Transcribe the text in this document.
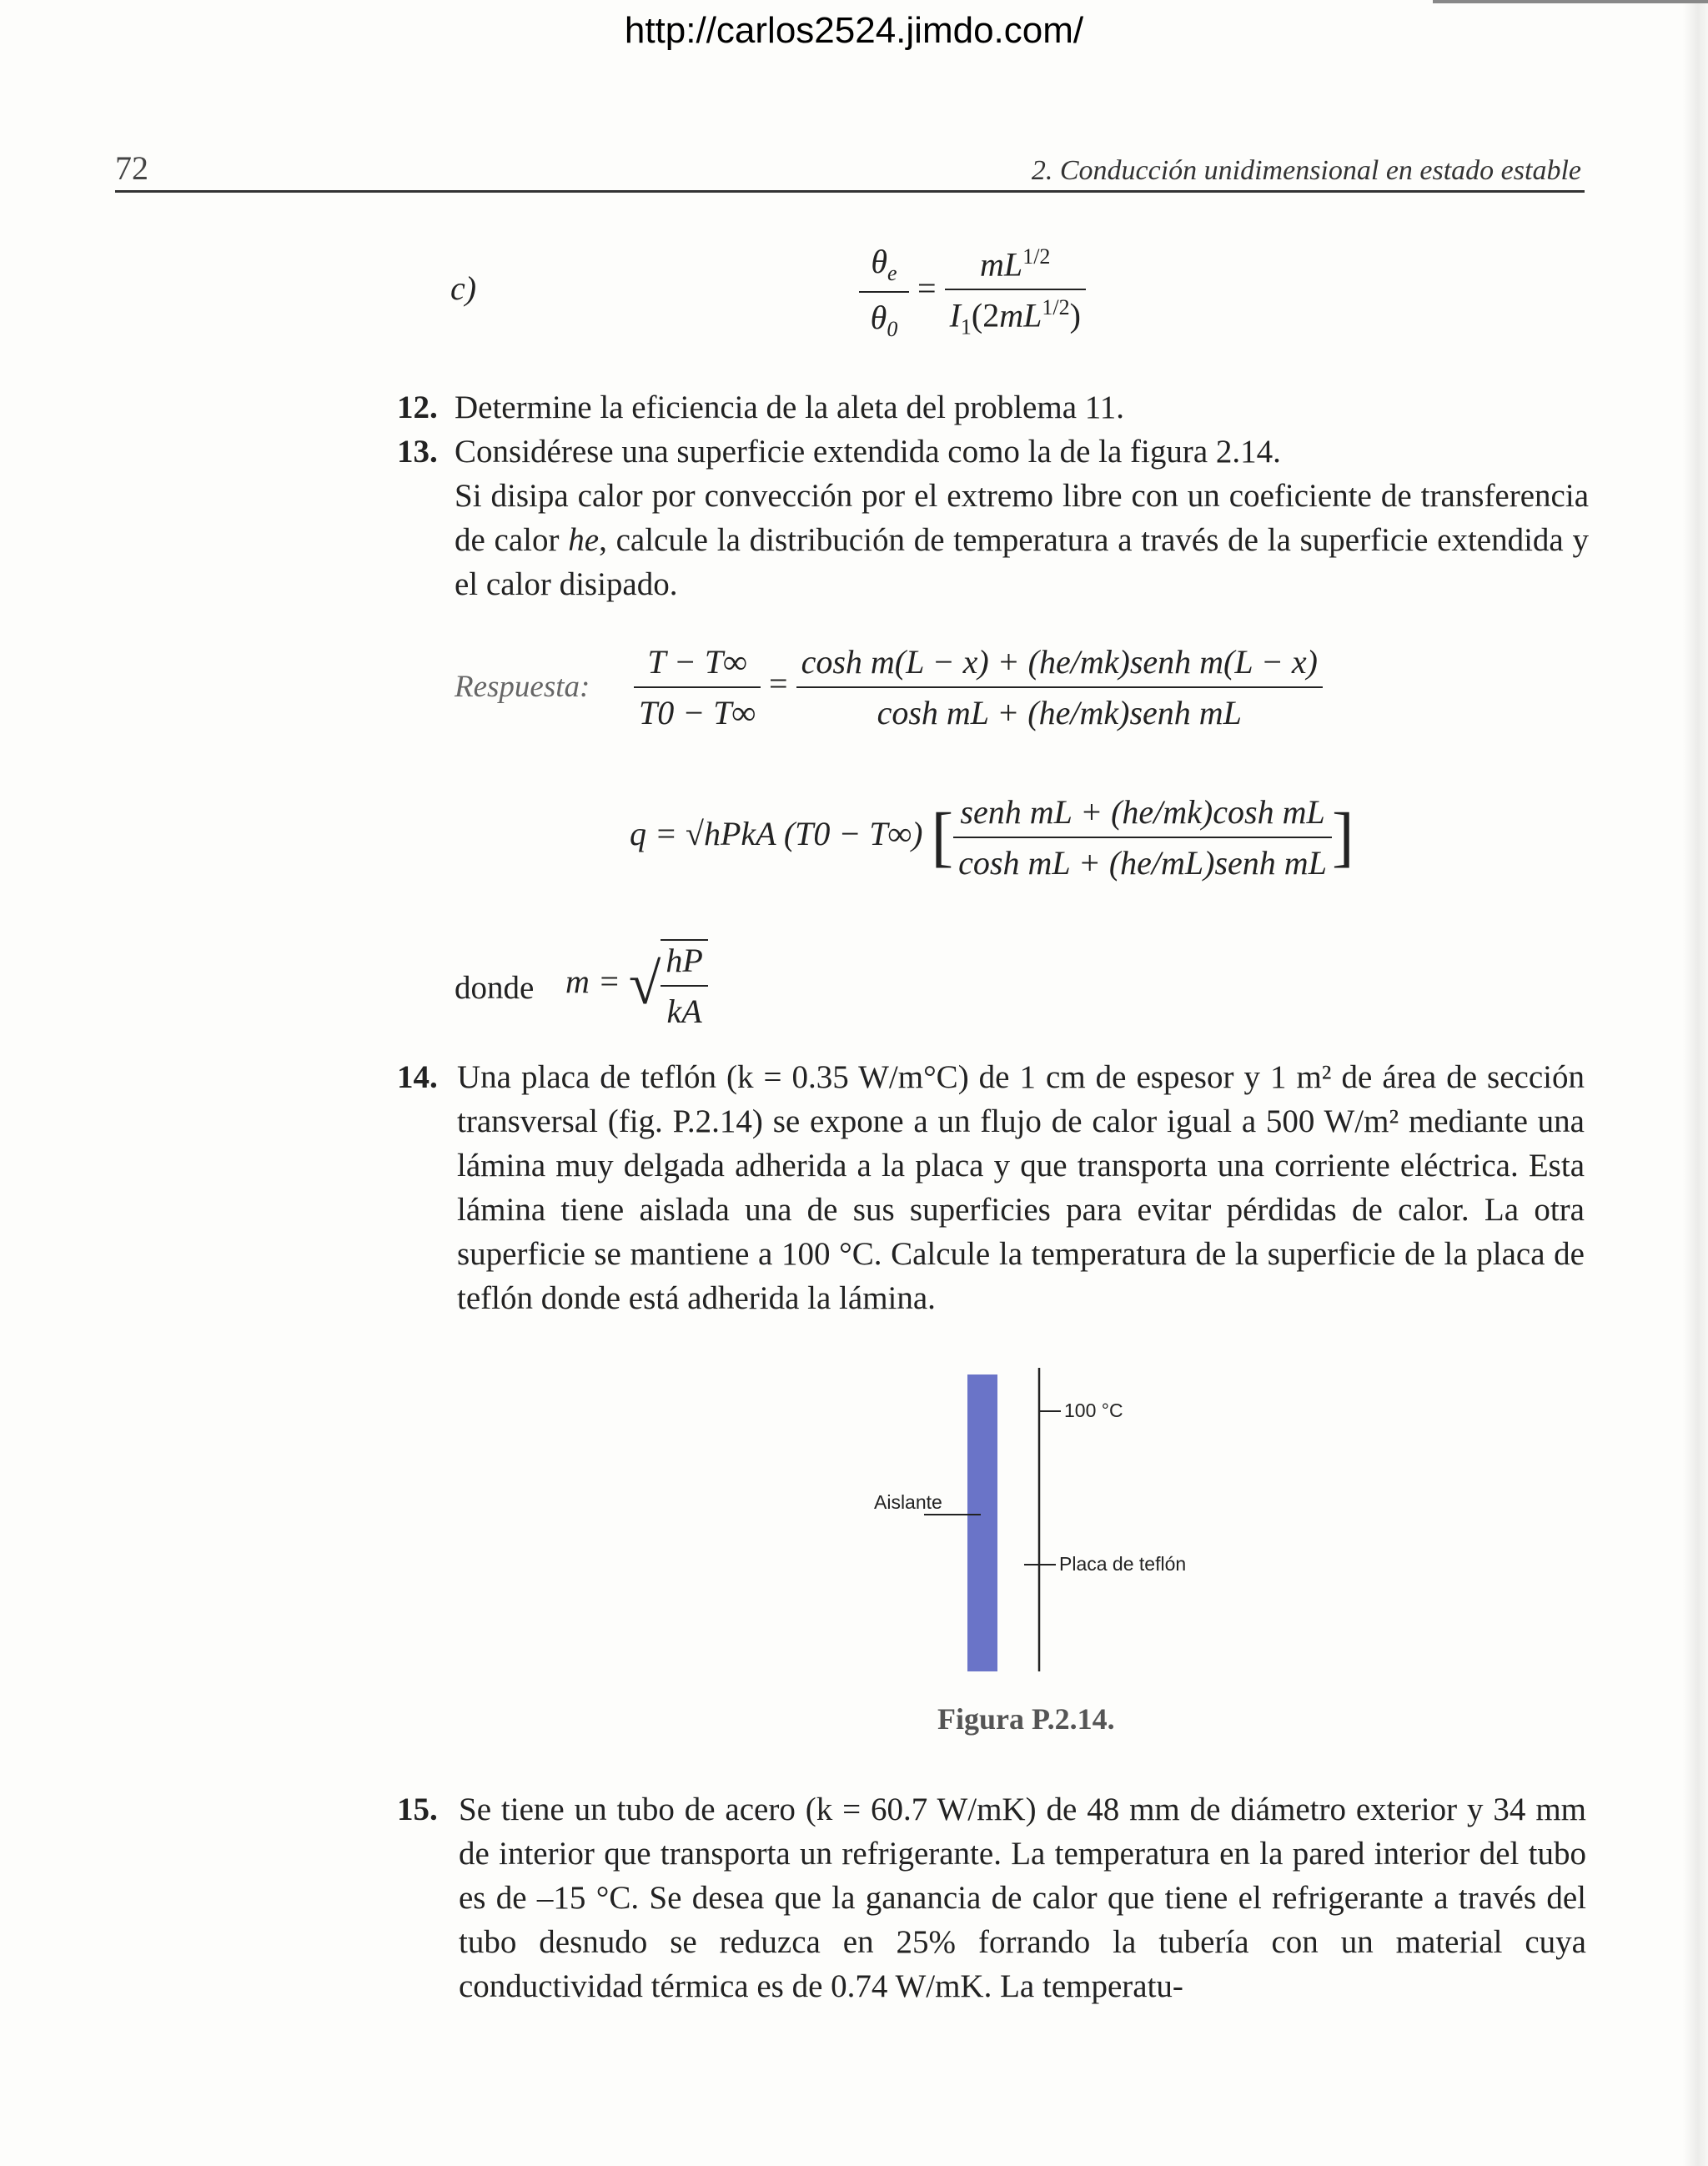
http://carlos2524.jimdo.com/
72	2. Conducción unidimensional en estado estable
c)	$\frac{\theta_e}{\theta_0} = \frac{mL^{1/2}}{I_1(2mL^{1/2})}$
12. Determine la eficiencia de la aleta del problema 11.
13. Considérese una superficie extendida como la de la figura 2.14.
Si disipa calor por convección por el extremo libre con un coeficiente de transferencia de calor he, calcule la distribución de temperatura a través de la superficie extendida y el calor disipado.
Respuesta: $\frac{T - T\infty}{T0 - T\infty} = \frac{\text{cosh m(L − x) + (he/mk)senh m(L − x)}}{\text{cosh mL + (he/mk)senh mL}}$
q = √hPkA (T0 − T∞) [ $\frac{\text{senh mL + (he/mk)cosh mL}}{\text{cosh mL + (he/mL)senh mL}}$ ]
donde m = √ $\frac{hP}{kA}$
14. Una placa de teflón (k = 0.35 W/m°C) de 1 cm de espesor y 1 m² de área de sección transversal (fig. P.2.14) se expone a un flujo de calor igual a 500 W/m² mediante una lámina muy delgada adherida a la placa y que transporta una corriente eléctrica. Esta lámina tiene aislada una de sus superficies para evitar pérdidas de calor. La otra superficie se mantiene a 100 °C. Calcule la temperatura de la superficie de la placa de teflón donde está adherida la lámina.
100 °C
Aislante
Placa de teflón
Figura P.2.14.
15. Se tiene un tubo de acero (k = 60.7 W/mK) de 48 mm de diámetro exterior y 34 mm de interior que transporta un refrigerante. La temperatura en la pared interior del tubo es de –15 °C. Se desea que la ganancia de calor que tiene el refrigerante a través del tubo desnudo se reduzca en 25% forrando la tubería con un material cuya conductividad térmica es de 0.74 W/mK. La temperatu-
